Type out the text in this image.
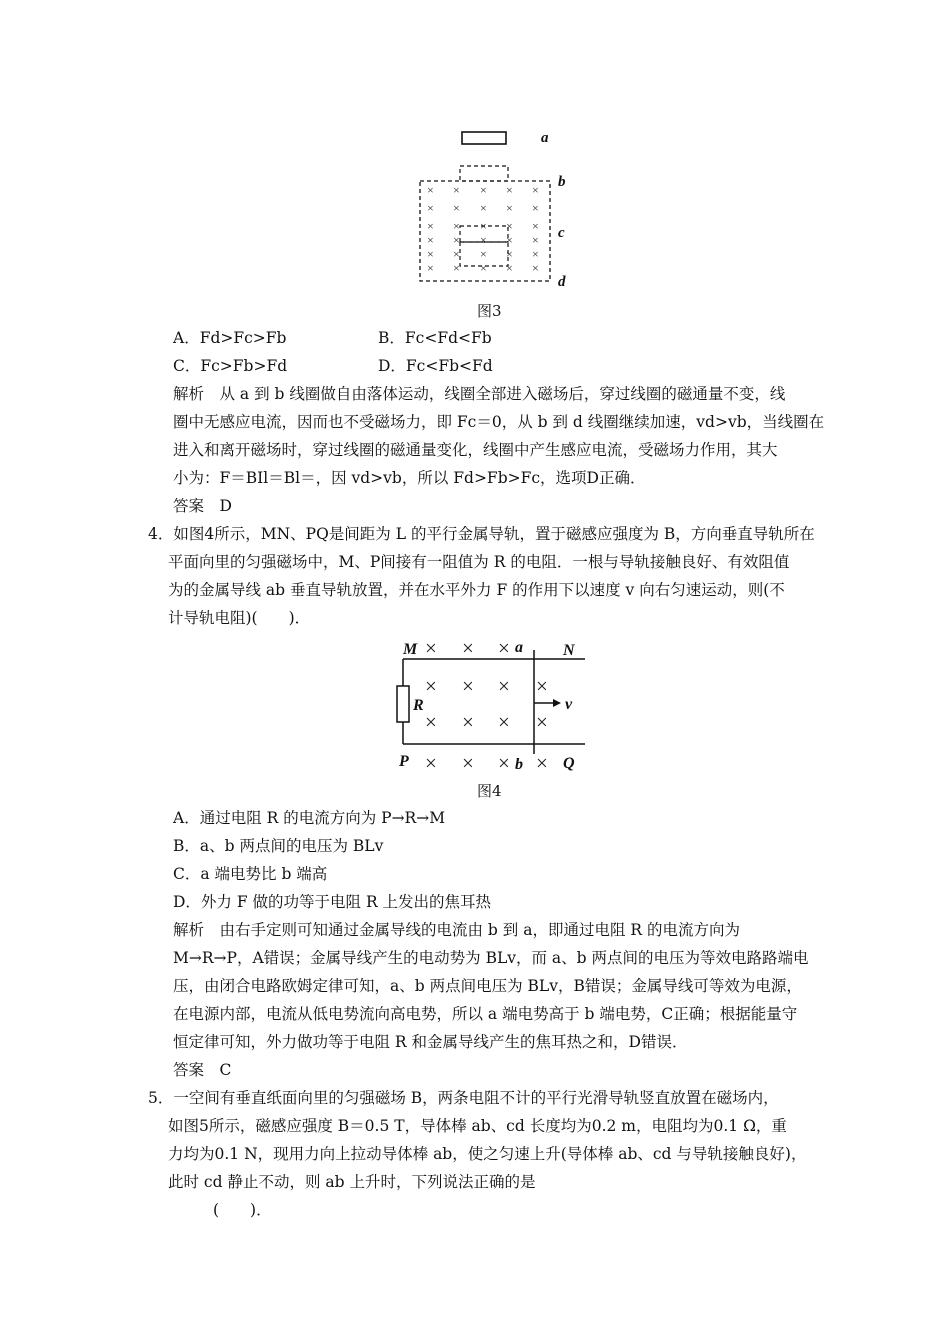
× × × × ×
× × × × ×
× × × × ×
× × × × ×
× × × × ×
× × × × ×
a
b
c
d
图3
A．Fd>Fc>Fb	B．Fc<Fd<Fb
C．Fc>Fb>Fd	D．Fc<Fb<Fd
解析　从 a 到 b 线圈做自由落体运动，线圈全部进入磁场后，穿过线圈的磁通量不变，线
圈中无感应电流，因而也不受磁场力，即 Fc＝0，从 b 到 d 线圈继续加速，vd>vb，当线圈在
进入和离开磁场时，穿过线圈的磁通量变化，线圈中产生感应电流，受磁场力作用，其大
小为：F＝BIl＝Bl＝，因 vd>vb，所以 Fd>Fb>Fc，选项D正确．
答案　D
4．如图4所示，MN、PQ是间距为 L 的平行金属导轨，置于磁感应强度为 B，方向垂直导轨所在
平面向里的匀强磁场中，M、P间接有一阻值为 R 的电阻．一根与导轨接触良好、有效阻值
为的金属导线 ab 垂直导轨放置，并在水平外力 F 的作用下以速度 v 向右匀速运动，则(不
计导轨电阻)(　　)．
× × ×
× × × ×
× × × ×
× × × ×
M	a	N
R	v
P	b	Q
图4
A．通过电阻 R 的电流方向为 P→R→M
B．a、b 两点间的电压为 BLv
C．a 端电势比 b 端高
D．外力 F 做的功等于电阻 R 上发出的焦耳热
解析　由右手定则可知通过金属导线的电流由 b 到 a，即通过电阻 R 的电流方向为
M→R→P，A错误；金属导线产生的电动势为 BLv，而 a、b 两点间的电压为等效电路路端电
压，由闭合电路欧姆定律可知，a、b 两点间电压为 BLv，B错误；金属导线可等效为电源，
在电源内部，电流从低电势流向高电势，所以 a 端电势高于 b 端电势，C正确；根据能量守
恒定律可知，外力做功等于电阻 R 和金属导线产生的焦耳热之和，D错误．
答案　C
5．一空间有垂直纸面向里的匀强磁场 B，两条电阻不计的平行光滑导轨竖直放置在磁场内，
如图5所示，磁感应强度 B＝0.5 T，导体棒 ab、cd 长度均为0.2 m，电阻均为0.1 Ω，重
力均为0.1 N，现用力向上拉动导体棒 ab，使之匀速上升(导体棒 ab、cd 与导轨接触良好)，
此时 cd 静止不动，则 ab 上升时，下列说法正确的是
(　　)．
